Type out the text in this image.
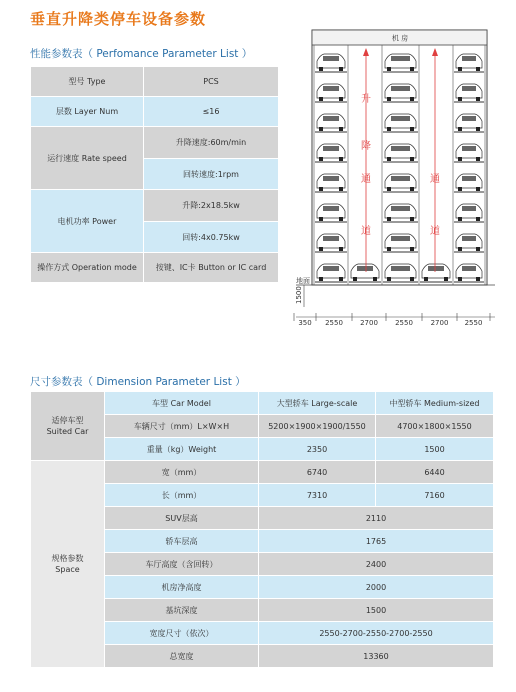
垂直升降类停车设备参数
性能参数表（ Perfomance Parameter List ）
型号 Type	PCS
层数 Layer Num	≤16
运行速度 Rate speed	升降速度:60m/min
	回转速度:1rpm
电机功率 Power	升降:2x18.5kw
	回转:4x0.75kw
操作方式 Operation mode	按键、IC卡 Button or IC card
机 房
升
降
通
道
通
道
地面
1500
350 2550 2700 2550	2700 2550
尺寸参数表（ Dimension Parameter List ）
适停车型
Suited Car	车型 Car Model	大型轿车 Large-scale	中型轿车 Medium-sized
	车辆尺寸（mm）L×W×H	5200×1900×1900/1550	4700×1800×1550
	重量（kg）Weight	2350	1500
规格参数
Space	宽（mm）	6740	6440
	长（mm）	7310	7160
	SUV层高	2110	
	轿车层高	1765	
	车厅高度（含回转）	2400	
	机房净高度	2000	
	基坑深度	1500	
	宽度尺寸（依次）	2550-2700-2550-2700-2550	
	总宽度	13360	
